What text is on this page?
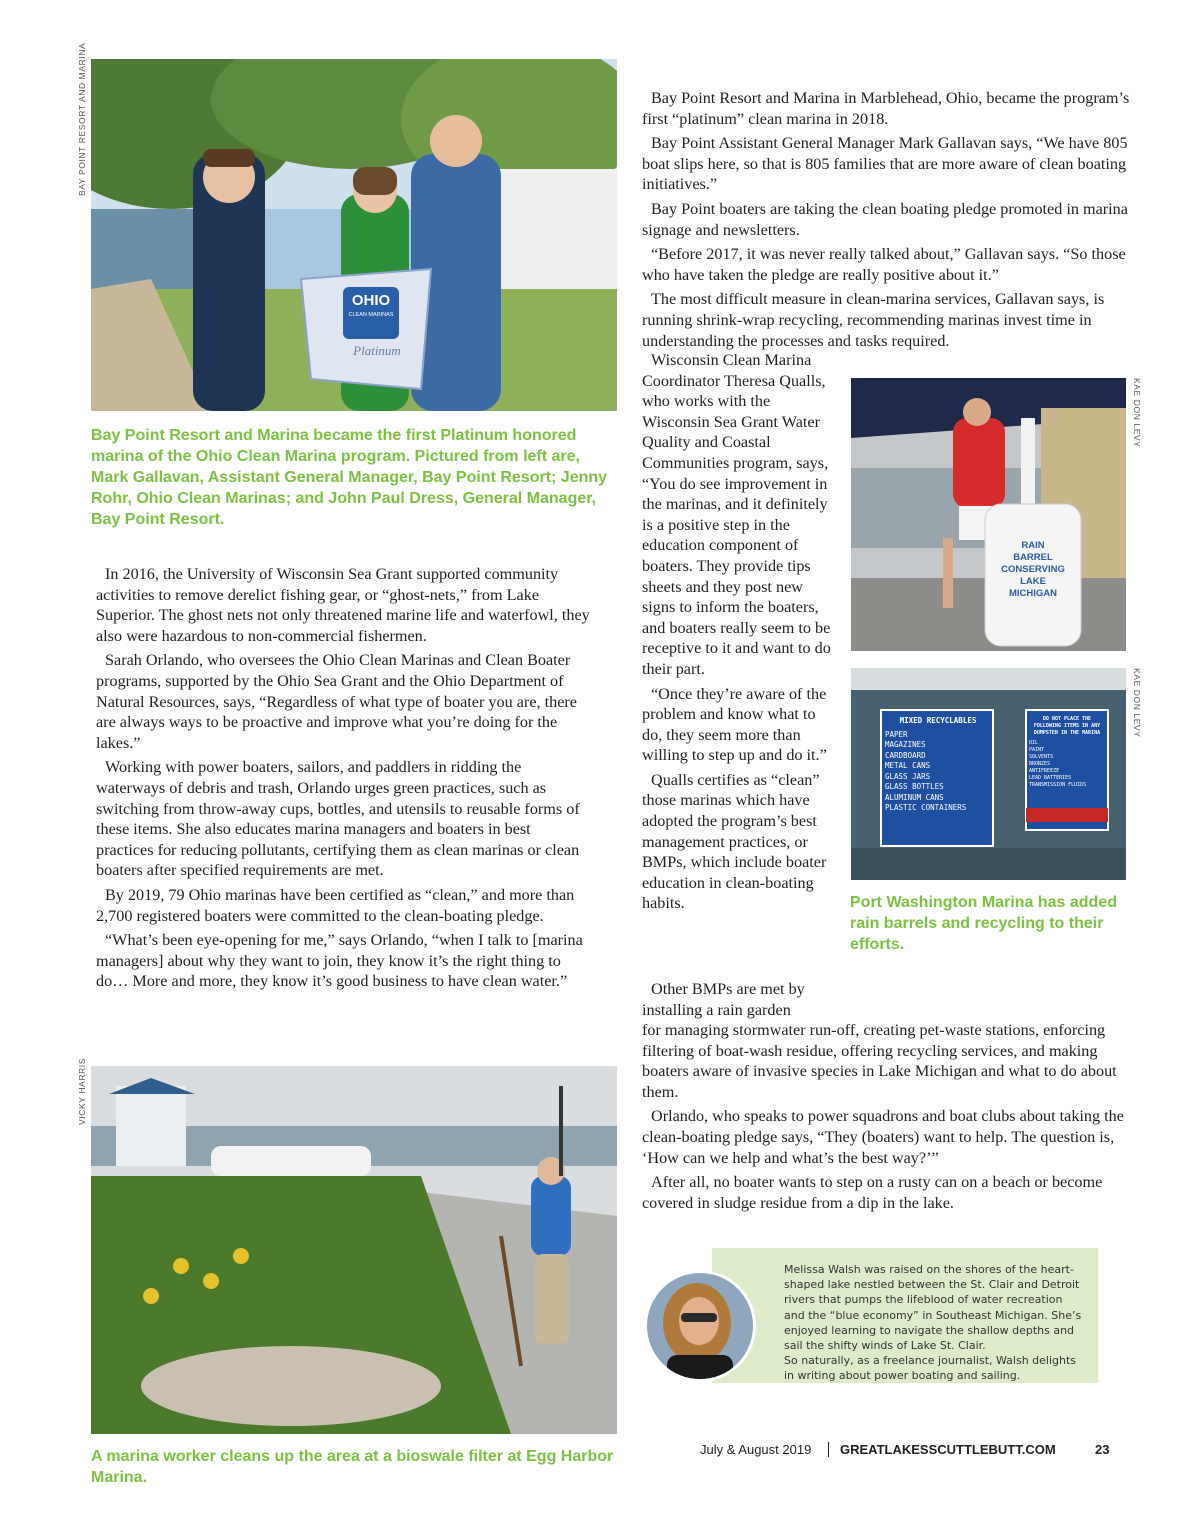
BAY POINT RESORT AND MARINA
KAE DON LEVY
KAE DON LEVY
VICKY HARRIS
OHIO
CLEAN MARINAS
Platinum
Bay Point Resort and Marina became the first Platinum honored marina of the Ohio Clean Marina program. Pictured from left are, Mark Gallavan, Assistant General Manager, Bay Point Resort; Jenny Rohr, Ohio Clean Marinas; and John Paul Dress, General Manager, Bay Point Resort.

In 2016, the University of Wisconsin Sea Grant supported community activities to remove derelict fishing gear, or “ghost-nets,” from Lake Superior. The ghost nets not only threatened marine life and waterfowl, they also were hazardous to non-commercial fishermen.

Sarah Orlando, who oversees the Ohio Clean Marinas and Clean Boater programs, supported by the Ohio Sea Grant and the Ohio Department of Natural Resources, says, “Regardless of what type of boater you are, there are always ways to be proactive and improve what you’re doing for the lakes.”

Working with power boaters, sailors, and paddlers in ridding the waterways of debris and trash, Orlando urges green practices, such as switching from throw-away cups, bottles, and utensils to reusable forms of these items. She also educates marina managers and boaters in best practices for reducing pollutants, certifying them as clean marinas or clean boaters after specified requirements are met.

By 2019, 79 Ohio marinas have been certified as “clean,” and more than 2,700 registered boaters were committed to the clean-boating pledge.

“What’s been eye-opening for me,” says Orlando, “when I talk to [marina managers] about why they want to join, they know it’s the right thing to do… More and more, they know it’s good business to have clean water.”

A marina worker cleans up the area at a bioswale filter at Egg Harbor Marina.

Bay Point Resort and Marina in Marblehead, Ohio, became the program’s first “platinum” clean marina in 2018.

Bay Point Assistant General Manager Mark Gallavan says, “We have 805 boat slips here, so that is 805 families that are more aware of clean boating initiatives.”

Bay Point boaters are taking the clean boating pledge promoted in marina signage and newsletters.

“Before 2017, it was never really talked about,” Gallavan says. “So those who have taken the pledge are really positive about it.”

The most difficult measure in clean-marina services, Gallavan says, is running shrink-wrap recycling, recommending marinas invest time in understanding the processes and tasks required.

Wisconsin Clean Marina Coordinator Theresa Qualls, who works with the Wisconsin Sea Grant Water Quality and Coastal Communities program, says, “You do see improvement in the marinas, and it definitely is a positive step in the education component of boaters. They provide tips sheets and they post new signs to inform the boaters, and boaters really seem to be receptive to it and want to do their part.

“Once they’re aware of the problem and know what to do, they seem more than willing to step up and do it.”

Qualls certifies as “clean” those marinas which have adopted the program’s best management practices, or BMPs, which include boater education in clean-boating habits.

RAIN
BARREL
CONSERVING
LAKE
MICHIGAN
MIXED RECYCLABLES
PAPER
MAGAZINES
CARDBOARD
METAL CANS
GLASS JARS
GLASS BOTTLES
ALUMINUM CANS
PLASTIC CONTAINERS
DO NOT PLACE THE FOLLOWING ITEMS IN ANY DUMPSTER IN THE MARINA
OIL
PAINT
SOLVENTS
BRONZES
ANTIFREEZE
LEAD BATTERIES
TRANSMISSION FLUIDS
Port Washington Marina has added rain barrels and recycling to their efforts.

Other BMPs are met by installing a rain garden

for managing stormwater run-off, creating pet-waste stations, enforcing filtering of boat-wash residue, offering recycling services, and making boaters aware of invasive species in Lake Michigan and what to do about them.

Orlando, who speaks to power squadrons and boat clubs about taking the clean-boating pledge says, “They (boaters) want to help. The question is, ‘How can we help and what’s the best way?’”

After all, no boater wants to step on a rusty can on a beach or become covered in sludge residue from a dip in the lake.

Melissa Walsh was raised on the shores of the heart-shaped lake nestled between the St. Clair and Detroit rivers that pumps the lifeblood of water recreation and the “blue economy” in Southeast Michigan. She’s enjoyed learning to navigate the shallow depths and sail the shifty winds of Lake St. Clair.

So naturally, as a freelance journalist, Walsh delights in writing about power boating and sailing.

July & August 2019 GREATLAKESSCUTTLEBUTT.COM	23
